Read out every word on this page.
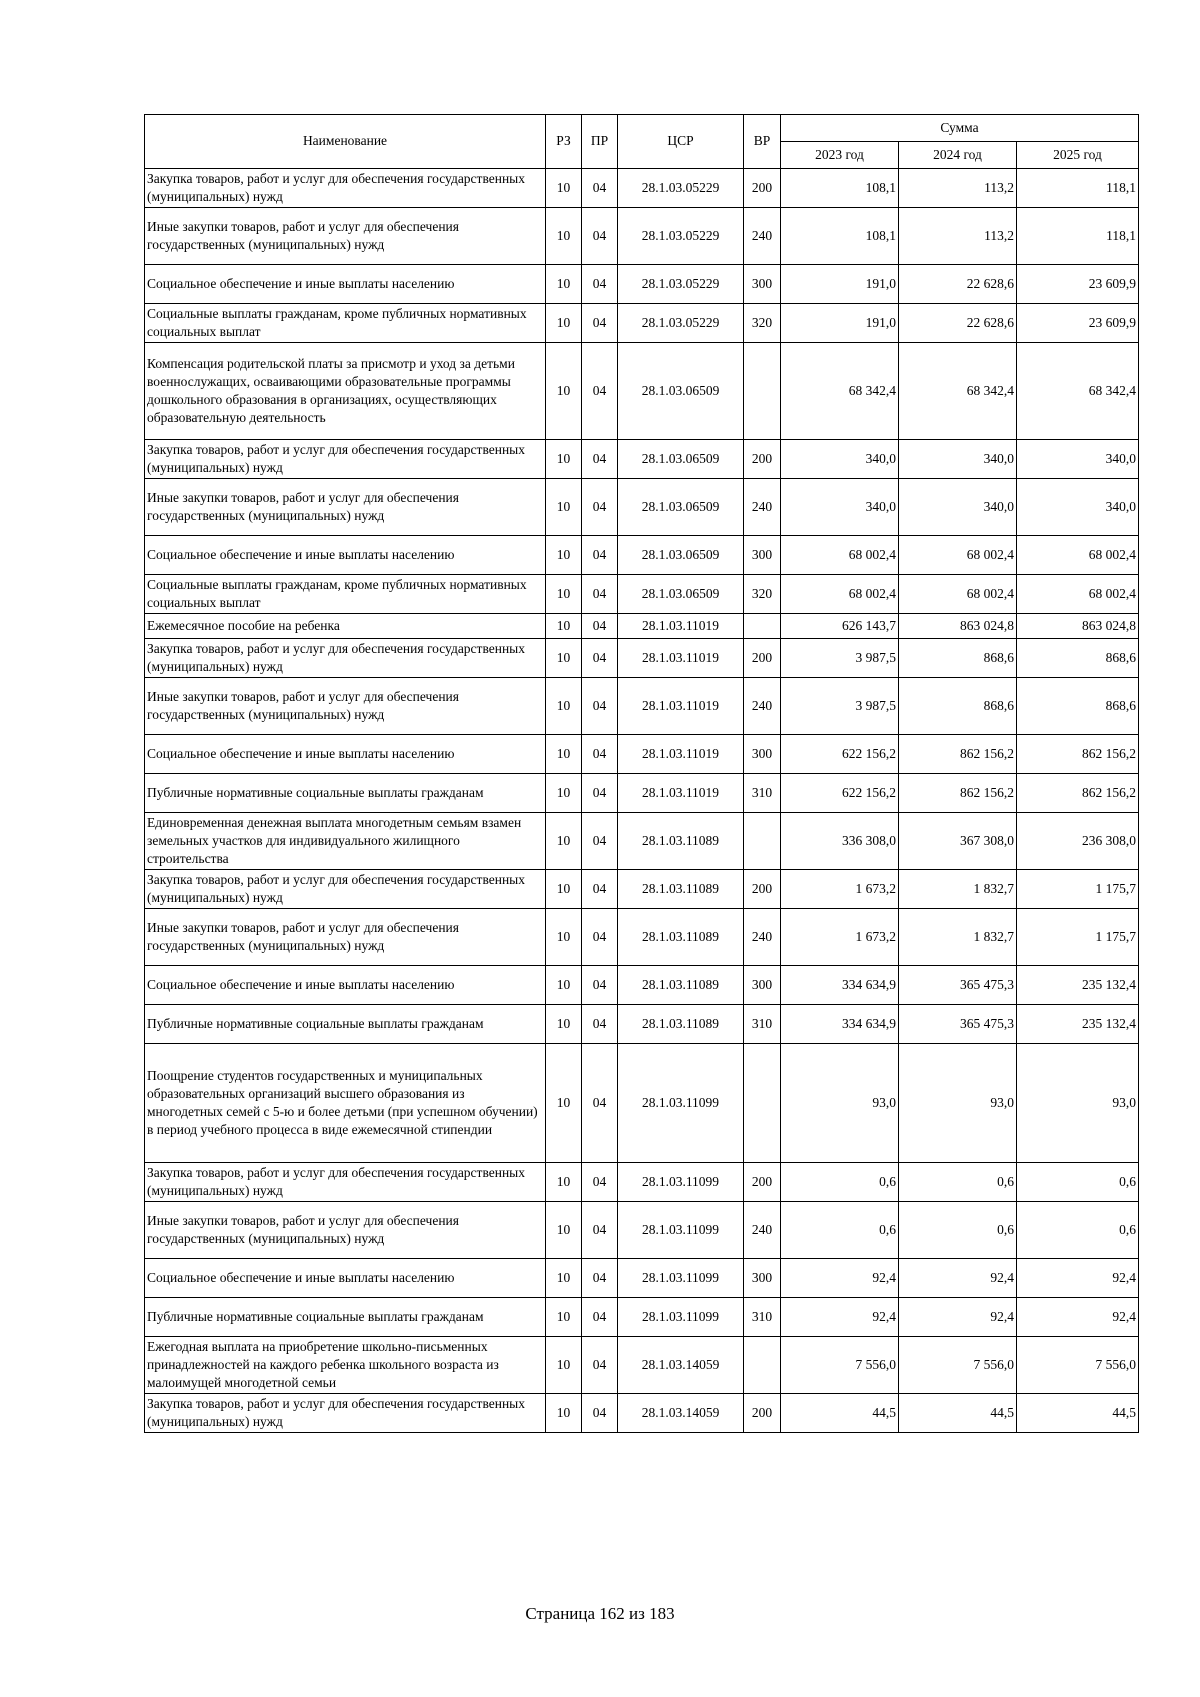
Наименование	РЗ	ПР	ЦСР	ВР	Сумма		
					2023 год	2024 год	2025 год
Закупка товаров, работ и услуг для обеспечения государственных (муниципальных) нужд	10	04	28.1.03.05229	200	108,1	113,2	118,1
Иные закупки товаров, работ и услуг для обеспечения государственных (муниципальных) нужд	10	04	28.1.03.05229	240	108,1	113,2	118,1
Социальное обеспечение и иные выплаты населению	10	04	28.1.03.05229	300	191,0	22 628,6	23 609,9
Социальные выплаты гражданам, кроме публичных нормативных социальных выплат	10	04	28.1.03.05229	320	191,0	22 628,6	23 609,9
Компенсация родительской платы за присмотр и уход за детьми военнослужащих, осваивающими образовательные программы дошкольного образования в организациях, осуществляющих образовательную деятельность	10	04	28.1.03.06509		68 342,4	68 342,4	68 342,4
Закупка товаров, работ и услуг для обеспечения государственных (муниципальных) нужд	10	04	28.1.03.06509	200	340,0	340,0	340,0
Иные закупки товаров, работ и услуг для обеспечения государственных (муниципальных) нужд	10	04	28.1.03.06509	240	340,0	340,0	340,0
Социальное обеспечение и иные выплаты населению	10	04	28.1.03.06509	300	68 002,4	68 002,4	68 002,4
Социальные выплаты гражданам, кроме публичных нормативных социальных выплат	10	04	28.1.03.06509	320	68 002,4	68 002,4	68 002,4
Ежемесячное пособие на ребенка	10	04	28.1.03.11019		626 143,7	863 024,8	863 024,8
Закупка товаров, работ и услуг для обеспечения государственных (муниципальных) нужд	10	04	28.1.03.11019	200	3 987,5	868,6	868,6
Иные закупки товаров, работ и услуг для обеспечения государственных (муниципальных) нужд	10	04	28.1.03.11019	240	3 987,5	868,6	868,6
Социальное обеспечение и иные выплаты населению	10	04	28.1.03.11019	300	622 156,2	862 156,2	862 156,2
Публичные нормативные социальные выплаты гражданам	10	04	28.1.03.11019	310	622 156,2	862 156,2	862 156,2
Единовременная денежная выплата многодетным семьям взамен земельных участков для индивидуального жилищного строительства	10	04	28.1.03.11089		336 308,0	367 308,0	236 308,0
Закупка товаров, работ и услуг для обеспечения государственных (муниципальных) нужд	10	04	28.1.03.11089	200	1 673,2	1 832,7	1 175,7
Иные закупки товаров, работ и услуг для обеспечения государственных (муниципальных) нужд	10	04	28.1.03.11089	240	1 673,2	1 832,7	1 175,7
Социальное обеспечение и иные выплаты населению	10	04	28.1.03.11089	300	334 634,9	365 475,3	235 132,4
Публичные нормативные социальные выплаты гражданам	10	04	28.1.03.11089	310	334 634,9	365 475,3	235 132,4
Поощрение студентов государственных и муниципальных образовательных организаций высшего образования из многодетных семей с 5-ю и более детьми (при успешном обучении) в период учебного процесса в виде ежемесячной стипендии	10	04	28.1.03.11099		93,0	93,0	93,0
Закупка товаров, работ и услуг для обеспечения государственных (муниципальных) нужд	10	04	28.1.03.11099	200	0,6	0,6	0,6
Иные закупки товаров, работ и услуг для обеспечения государственных (муниципальных) нужд	10	04	28.1.03.11099	240	0,6	0,6	0,6
Социальное обеспечение и иные выплаты населению	10	04	28.1.03.11099	300	92,4	92,4	92,4
Публичные нормативные социальные выплаты гражданам	10	04	28.1.03.11099	310	92,4	92,4	92,4
Ежегодная выплата на приобретение школьно-письменных принадлежностей на каждого ребенка школьного возраста из малоимущей многодетной семьи	10	04	28.1.03.14059		7 556,0	7 556,0	7 556,0
Закупка товаров, работ и услуг для обеспечения государственных (муниципальных) нужд	10	04	28.1.03.14059	200	44,5	44,5	44,5
Страница 162 из 183
